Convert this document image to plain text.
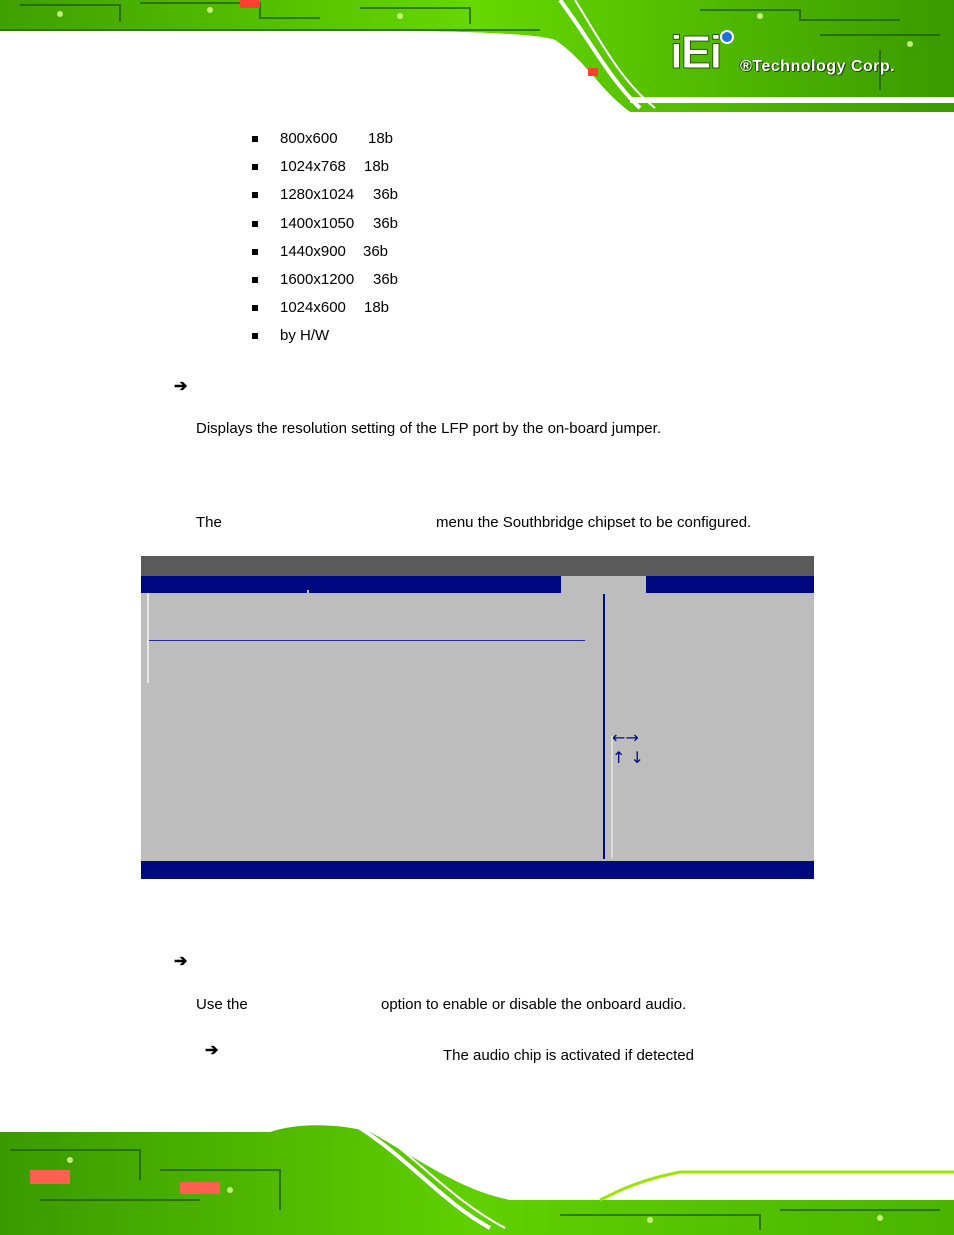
iEi ®Technology Corp.
800x600 18b
1024x768 18b
1280x1024 36b
1400x1050 36b
1440x900 36b
1600x1200 36b
1024x600 18b
by H/W
➔
Displays the resolution setting of the LFP port by the on-board jumper.
The	menu the Southbridge chipset to be configured.
←→
↑ ↓
➔
Use the	option to enable or disable the onboard audio.
➔	The audio chip is activated if detected
